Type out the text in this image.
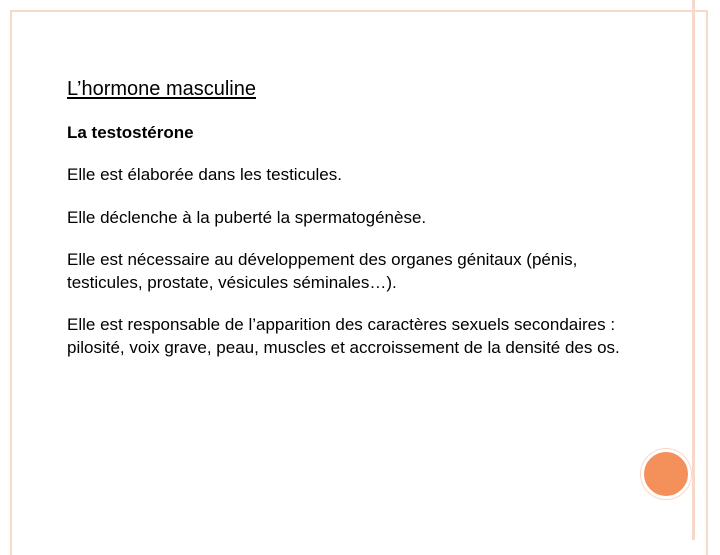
L’hormone masculine
La testostérone

Elle est élaborée dans les testicules.

Elle déclenche à la puberté la spermatogénèse.

Elle est nécessaire au développement des organes génitaux (pénis, testicules, prostate, vésicules séminales…).

Elle est responsable de l’apparition des caractères sexuels secondaires : pilosité, voix grave, peau, muscles et accroissement de la densité des os.
